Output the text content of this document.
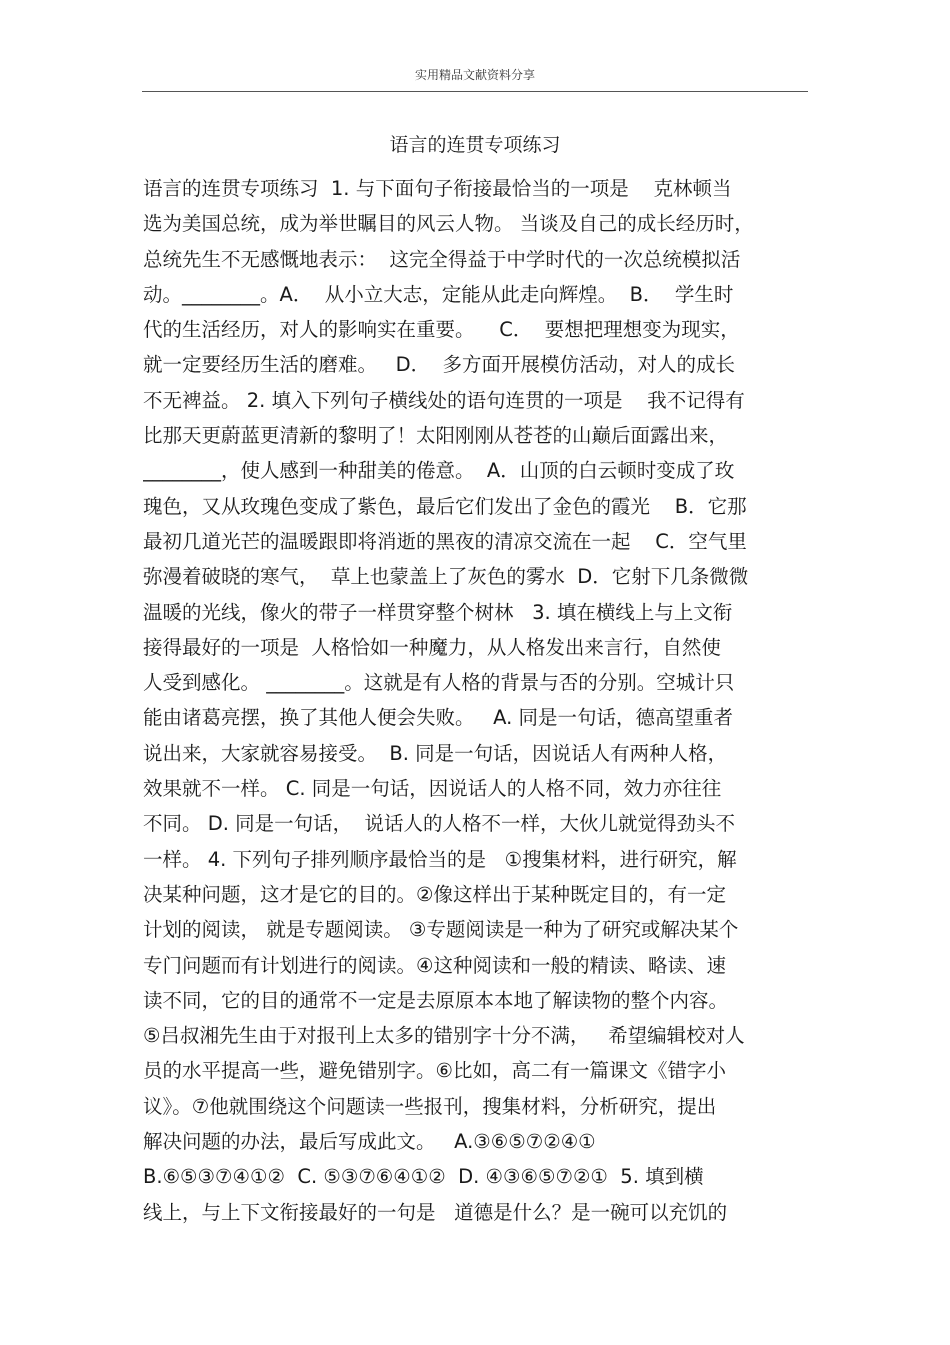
实用精品文献资料分享
语言的连贯专项练习
语言的连贯专项练习  1. 与下面句子衔接最恰当的一项是    克林顿当
选为美国总统，成为举世瞩目的风云人物。 当谈及自己的成长经历时，
总统先生不无感慨地表示：  这完全得益于中学时代的一次总统模拟活
动。________。A．  从小立大志，定能从此走向辉煌。  B．  学生时
代的生活经历，对人的影响实在重要。    C．  要想把理想变为现实，
就一定要经历生活的磨难。   D．  多方面开展模仿活动，对人的成长
不无裨益。 2. 填入下列句子横线处的语句连贯的一项是    我不记得有
比那天更蔚蓝更清新的黎明了！太阳刚刚从苍苍的山巅后面露出来，
________，使人感到一种甜美的倦意。  A．山顶的白云顿时变成了玫
瑰色，又从玫瑰色变成了紫色，最后它们发出了金色的霞光    B．它那
最初几道光芒的温暖跟即将消逝的黑夜的清凉交流在一起    C．空气里
弥漫着破晓的寒气，  草上也蒙盖上了灰色的雾水  D．它射下几条微微
温暖的光线，像火的带子一样贯穿整个树林   3. 填在横线上与上文衔
接得最好的一项是  人格恰如一种魔力，从人格发出来言行，自然使
人受到感化。 ________。这就是有人格的背景与否的分别。空城计只
能由诸葛亮摆，换了其他人便会失败。   A. 同是一句话，德高望重者
说出来，大家就容易接受。  B. 同是一句话，因说话人有两种人格，
效果就不一样。 C. 同是一句话，因说话人的人格不同，效力亦往往
不同。 D. 同是一句话，  说话人的人格不一样，大伙儿就觉得劲头不
一样。 4. 下列句子排列顺序最恰当的是   ①搜集材料，进行研究，解
决某种问题，这才是它的目的。②像这样出于某种既定目的，有一定
计划的阅读， 就是专题阅读。 ③专题阅读是一种为了研究或解决某个
专门问题而有计划进行的阅读。④这种阅读和一般的精读、略读、速
读不同，它的目的通常不一定是去原原本本地了解读物的整个内容。
⑤吕叔湘先生由于对报刊上太多的错别字十分不满，   希望编辑校对人
员的水平提高一些，避免错别字。⑥比如，高二有一篇课文《错字小
议》。⑦他就围绕这个问题读一些报刊，搜集材料，分析研究，提出
解决问题的办法，最后写成此文。   A.③⑥⑤⑦②④①
B.⑥⑤③⑦④①②  C. ⑤③⑦⑥④①②  D. ④③⑥⑤⑦②①  5. 填到横
线上，与上下文衔接最好的一句是   道德是什么？是一碗可以充饥的
